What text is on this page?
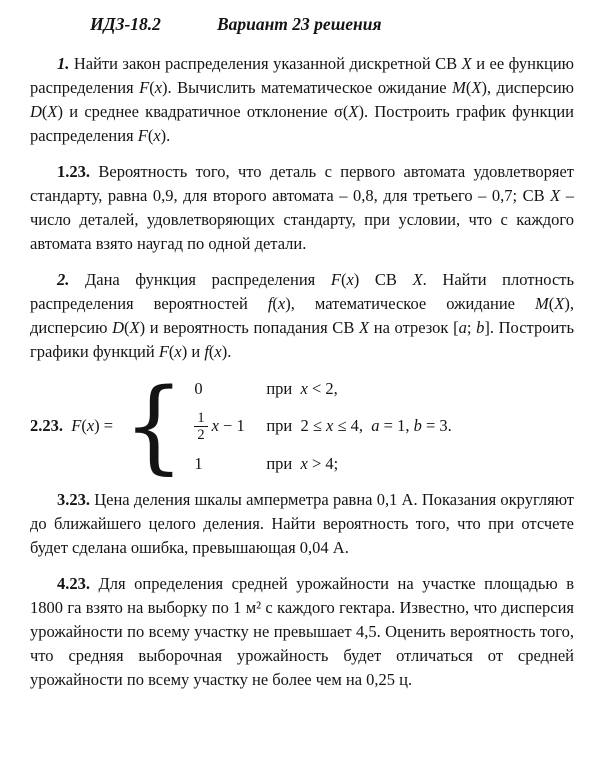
ИДЗ-18.2	Вариант 23 решения

1. Найти закон распределения указанной дискретной СВ X и ее функцию распределения F(x). Вычислить математическое ожидание M(X), дисперсию D(X) и среднее квадратичное отклонение σ(X). Построить график функции распределения F(x).

1.23. Вероятность того, что деталь с первого автомата удовлетворяет стандарту, равна 0,9, для второго автомата – 0,8, для третьего – 0,7; СВ X – число деталей, удовлетворяющих стандарту, при условии, что с каждого автомата взято наугад по одной детали.

2. Дана функция распределения F(x) СВ X. Найти плотность распределения вероятностей f(x), математическое ожидание M(X), дисперсию D(X) и вероятность попадания СВ X на отрезок [a; b]. Построить графики функций F(x) и f(x).

2.23.  F(x) = { 0	при  x < 2,
$\frac{1}{2}$ x − 1 при  2 ≤ x ≤ 4,  a = 1, b = 3.
1	при  x > 4;

3.23. Цена деления шкалы амперметра равна 0,1 А. Показания округляют до ближайшего целого деления. Найти вероятность того, что при отсчете будет сделана ошибка, превышающая 0,04 А.

4.23. Для определения средней урожайности на участке площадью в 1800 га взято на выборку по 1 м² с каждого гектара. Известно, что дисперсия урожайности по всему участку не превышает 4,5. Оценить вероятность того, что средняя выборочная урожайность будет отличаться от средней урожайности по всему участку не более чем на 0,25 ц.
